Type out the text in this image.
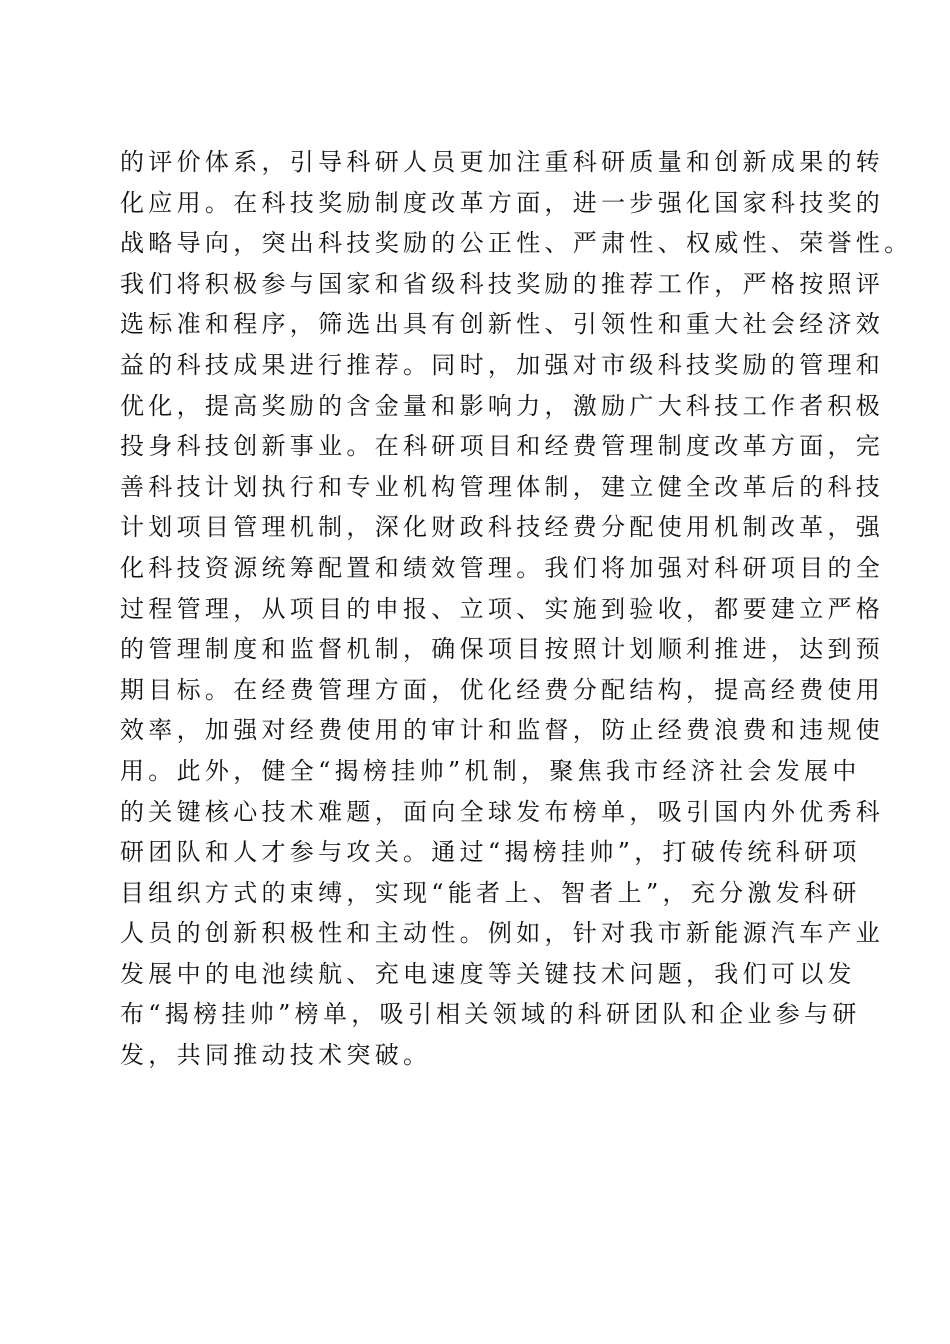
的评价体系，引导科研人员更加注重科研质量和创新成果的转
化应用。在科技奖励制度改革方面，进一步强化国家科技奖的
战略导向，突出科技奖励的公正性、严肃性、权威性、荣誉性。
我们将积极参与国家和省级科技奖励的推荐工作，严格按照评
选标准和程序，筛选出具有创新性、引领性和重大社会经济效
益的科技成果进行推荐。同时，加强对市级科技奖励的管理和
优化，提高奖励的含金量和影响力，激励广大科技工作者积极
投身科技创新事业。在科研项目和经费管理制度改革方面，完
善科技计划执行和专业机构管理体制，建立健全改革后的科技
计划项目管理机制，深化财政科技经费分配使用机制改革，强
化科技资源统筹配置和绩效管理。我们将加强对科研项目的全
过程管理，从项目的申报、立项、实施到验收，都要建立严格
的管理制度和监督机制，确保项目按照计划顺利推进，达到预
期目标。在经费管理方面，优化经费分配结构，提高经费使用
效率，加强对经费使用的审计和监督，防止经费浪费和违规使
用。此外，健全“揭榜挂帅”机制，聚焦我市经济社会发展中
的关键核心技术难题，面向全球发布榜单，吸引国内外优秀科
研团队和人才参与攻关。通过“揭榜挂帅”，打破传统科研项
目组织方式的束缚，实现“能者上、智者上”，充分激发科研
人员的创新积极性和主动性。例如，针对我市新能源汽车产业
发展中的电池续航、充电速度等关键技术问题，我们可以发
布“揭榜挂帅”榜单，吸引相关领域的科研团队和企业参与研
发，共同推动技术突破。
